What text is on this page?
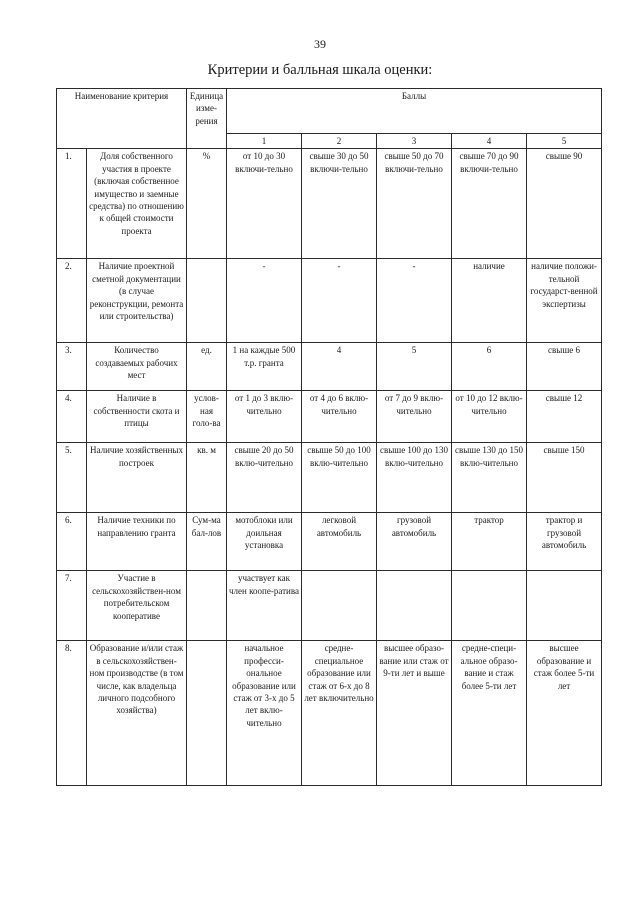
39
Критерии и балльная шкала оценки:
Наименование критерия		Единица изме-рения	Баллы				
			1	2	3	4	5
1.	Доля собственного участия в проекте (включая собственное имущество и заемные средства) по отношению к общей стоимости проекта	%	от 10 до 30 включи-тельно	свыше 30 до 50 включи-тельно	свыше 50 до 70 включи-тельно	свыше 70 до 90 включи-тельно	свыше 90
2.	Наличие проектной сметной документации (в случае реконструкции, ремонта или строительства)		-	-	-	наличие	наличие положи-тельной государст-венной экспертизы
3.	Количество создаваемых рабочих мест	ед.	1 на каждые 500 т.р. гранта	4	5	6	свыше 6
4.	Наличие в собственности скота и птицы	услов-ная голо-ва	от 1 до 3 вклю-чительно	от 4 до 6 вклю-чительно	от 7 до 9 вклю-чительно	от 10 до 12 вклю-чительно	свыше 12
5.	Наличие хозяйственных построек	кв. м	свыше 20 до 50 вклю-чительно	свыше 50 до 100 вклю-чительно	свыше 100 до 130 вклю-чительно	свыше 130 до 150 вклю-чительно	свыше 150
6.	Наличие техники по направлению гранта	Сум-ма бал-лов	мотоблоки или доильная установка	легковой автомобиль	грузовой автомобиль	трактор	трактор и грузовой автомобиль
7.	Участие в сельскохозяйствен-ном потребительском кооперативе		участвует как член коопе-ратива				
8.	Образование и/или стаж в сельскохозяйствен-ном производстве (в том числе, как владельца личного подсобного хозяйства)		начальное професси-ональное образование или стаж от 3-х до 5 лет вклю-чительно	средне-специальное образование или стаж от 6-х до 8 лет включительно	высшее образо-вание или стаж от 9-ти лет и выше	средне-специ-альное образо-вание и стаж более 5-ти лет	высшее образование и стаж более 5-ти лет
